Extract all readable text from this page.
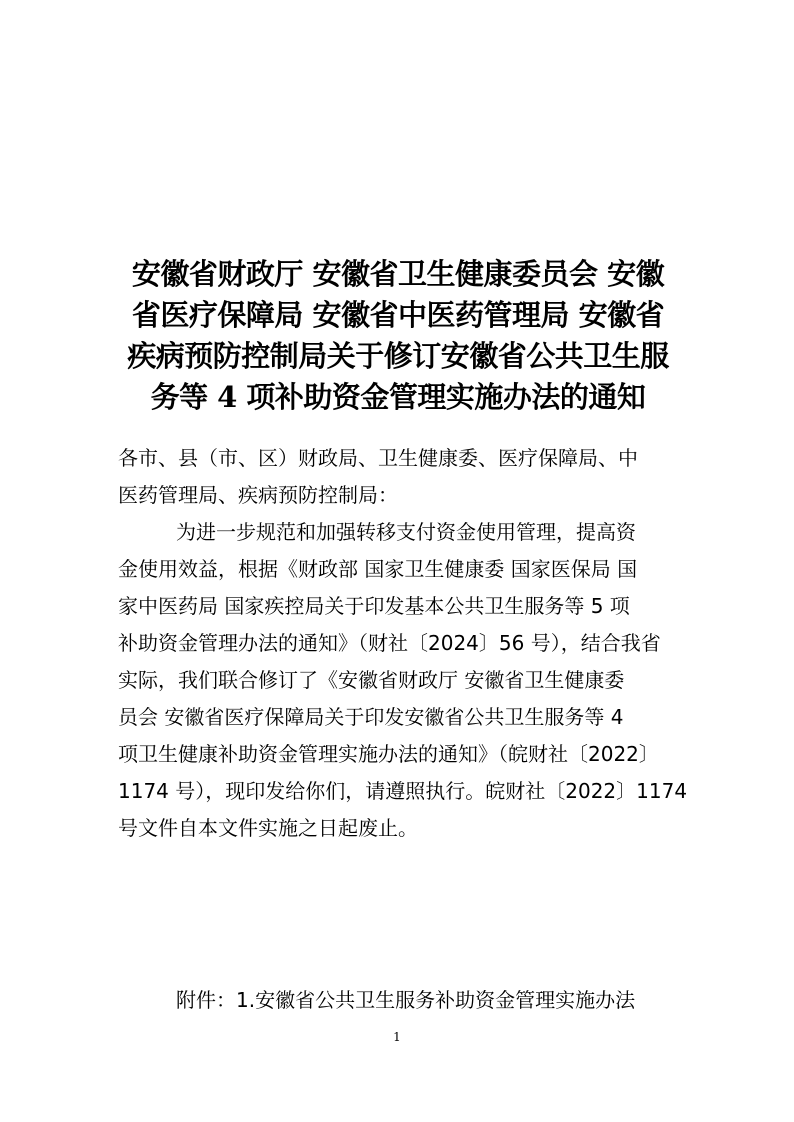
安徽省财政厅 安徽省卫生健康委员会 安徽
省医疗保障局 安徽省中医药管理局 安徽省
疾病预防控制局关于修订安徽省公共卫生服
务等 4 项补助资金管理实施办法的通知
各市、县（市、区）财政局、卫生健康委、医疗保障局、中
医药管理局、疾病预防控制局：
为进一步规范和加强转移支付资金使用管理，提高资
金使用效益，根据《财政部 国家卫生健康委 国家医保局 国
家中医药局 国家疾控局关于印发基本公共卫生服务等 5 项
补助资金管理办法的通知》（财社〔2024〕56 号），结合我省
实际，我们联合修订了《安徽省财政厅 安徽省卫生健康委
员会 安徽省医疗保障局关于印发安徽省公共卫生服务等 4
项卫生健康补助资金管理实施办法的通知》（皖财社〔2022〕
1174 号），现印发给你们，请遵照执行。皖财社〔2022〕1174
号文件自本文件实施之日起废止。
附件：1.安徽省公共卫生服务补助资金管理实施办法
1
